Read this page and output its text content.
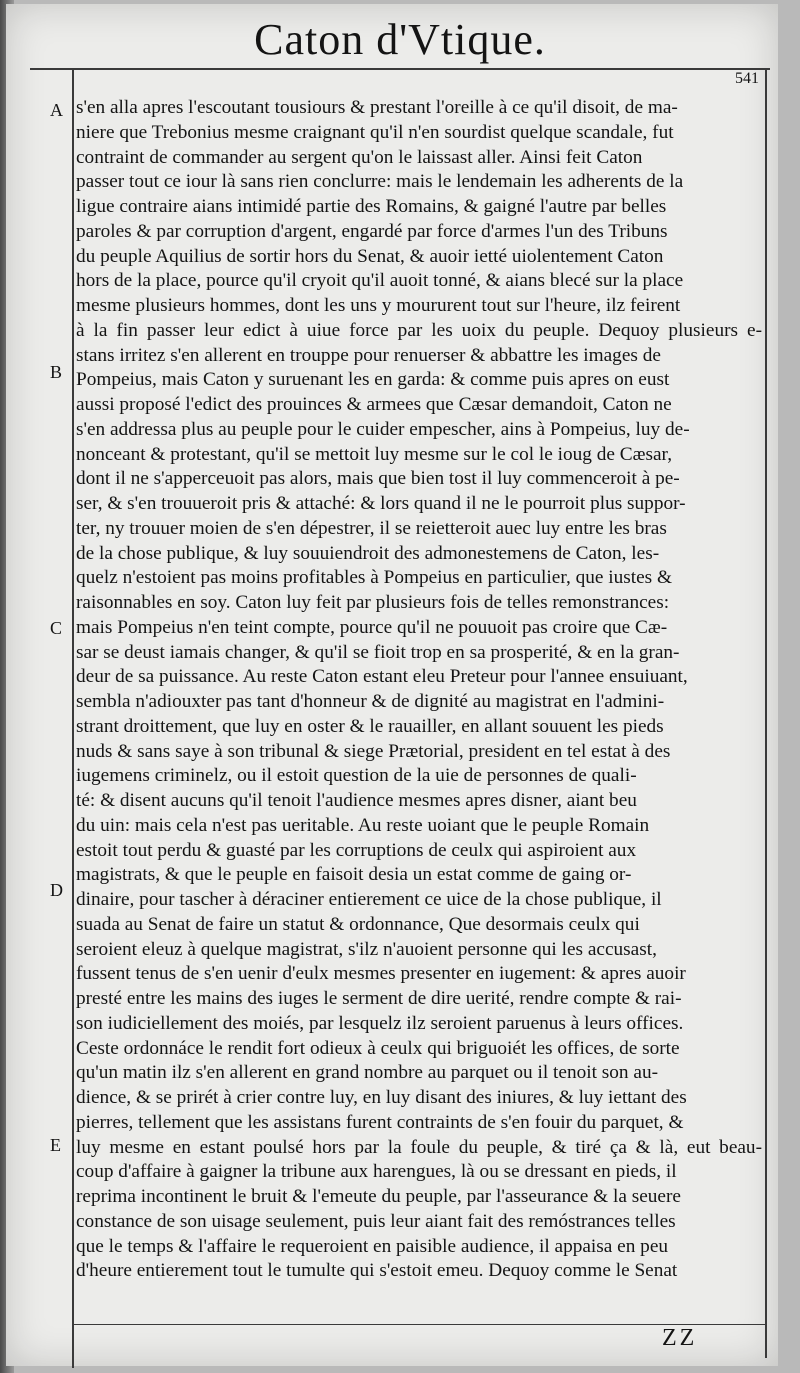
Caton d'Vtique.
541
A
B
C
D
E
s'en alla apres l'escoutant tousiours & prestant l'oreille à ce qu'il disoit, de ma-
niere que Trebonius mesme craignant qu'il n'en sourdist quelque scandale, fut
contraint de commander au sergent qu'on le laissast aller. Ainsi feit Caton
passer tout ce iour là sans rien conclurre: mais le lendemain les adherents de la
ligue contraire aians intimidé partie des Romains, & gaigné l'autre par belles
paroles & par corruption d'argent, engardé par force d'armes l'un des Tribuns
du peuple Aquilius de sortir hors du Senat, & auoir ietté uiolentement Caton
hors de la place, pource qu'il cryoit qu'il auoit tonné, & aians blecé sur la place
mesme plusieurs hommes, dont les uns y moururent tout sur l'heure, ilz feirent
à la fin passer leur edict à uiue force par les uoix du peuple. Dequoy plusieurs e-
stans irritez s'en allerent en trouppe pour renuerser & abbattre les images de
Pompeius, mais Caton y suruenant les en garda: & comme puis apres on eust
aussi proposé l'edict des prouinces & armees que Cæsar demandoit, Caton ne
s'en addressa plus au peuple pour le cuider empescher, ains à Pompeius, luy de-
nonceant & protestant, qu'il se mettoit luy mesme sur le col le ioug de Cæsar,
dont il ne s'apperceuoit pas alors, mais que bien tost il luy commenceroit à pe-
ser, & s'en trouueroit pris & attaché: & lors quand il ne le pourroit plus suppor-
ter, ny trouuer moien de s'en dépestrer, il se reietteroit auec luy entre les bras
de la chose publique, & luy souuiendroit des admonestemens de Caton, les-
quelz n'estoient pas moins profitables à Pompeius en particulier, que iustes &
raisonnables en soy. Caton luy feit par plusieurs fois de telles remonstrances:
mais Pompeius n'en teint compte, pource qu'il ne pouuoit pas croire que Cæ-
sar se deust iamais changer, & qu'il se fioit trop en sa prosperité, & en la gran-
deur de sa puissance. Au reste Caton estant eleu Preteur pour l'annee ensuiuant,
sembla n'adiouxter pas tant d'honneur & de dignité au magistrat en l'admini-
strant droittement, que luy en oster & le rauailler, en allant souuent les pieds
nuds & sans saye à son tribunal & siege Prætorial, president en tel estat à des
iugemens criminelz, ou il estoit question de la uie de personnes de quali-
té: & disent aucuns qu'il tenoit l'audience mesmes apres disner, aiant beu
du uin: mais cela n'est pas ueritable. Au reste uoiant que le peuple Romain
estoit tout perdu & guasté par les corruptions de ceulx qui aspiroient aux
magistrats, & que le peuple en faisoit desia un estat comme de gaing or-
dinaire, pour tascher à déraciner entierement ce uice de la chose publique, il
suada au Senat de faire un statut & ordonnance, Que desormais ceulx qui
seroient eleuz à quelque magistrat, s'ilz n'auoient personne qui les accusast,
fussent tenus de s'en uenir d'eulx mesmes presenter en iugement: & apres auoir
presté entre les mains des iuges le serment de dire uerité, rendre compte & rai-
son iudiciellement des moiés, par lesquelz ilz seroient paruenus à leurs offices.
Ceste ordonnáce le rendit fort odieux à ceulx qui briguoiét les offices, de sorte
qu'un matin ilz s'en allerent en grand nombre au parquet ou il tenoit son au-
dience, & se prirét à crier contre luy, en luy disant des iniures, & luy iettant des
pierres, tellement que les assistans furent contraints de s'en fouir du parquet, &
luy mesme en estant poulsé hors par la foule du peuple, & tiré ça & là, eut beau-
coup d'affaire à gaigner la tribune aux harengues, là ou se dressant en pieds, il
reprima incontinent le bruit & l'emeute du peuple, par l'asseurance & la seuere
constance de son uisage seulement, puis leur aiant fait des remóstrances telles
que le temps & l'affaire le requeroient en paisible audience, il appaisa en peu
d'heure entierement tout le tumulte qui s'estoit emeu. Dequoy comme le Senat
ZZ
